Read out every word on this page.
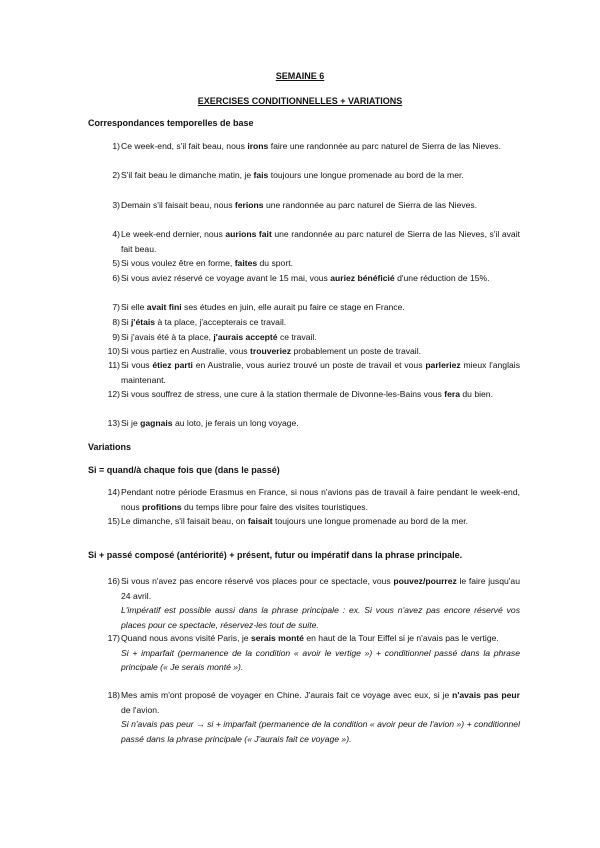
SEMAINE 6
EXERCISES CONDITIONNELLES + VARIATIONS
Correspondances temporelles de base
1) Ce week-end, s'il fait beau, nous irons faire une randonnée au parc naturel de Sierra de las Nieves.
2) S'il fait beau le dimanche matin, je fais toujours une longue promenade au bord de la mer.
3) Demain s'il faisait beau, nous ferions une randonnée au parc naturel de Sierra de las Nieves.
4) Le week-end dernier, nous aurions fait une randonnée au parc naturel de Sierra de las Nieves, s'il avait fait beau.
5) Si vous voulez être en forme, faites du sport.
6) Si vous aviez réservé ce voyage avant le 15 mai, vous auriez bénéficié d'une réduction de 15%.
7) Si elle avait fini ses études en juin, elle aurait pu faire ce stage en France.
8) Si j'étais à ta place, j'accepterais ce travail.
9) Si j'avais été à ta place, j'aurais accepté ce travail.
10) Si vous partiez en Australie, vous trouveriez probablement un poste de travail.
11) Si vous étiez parti en Australie, vous auriez trouvé un poste de travail et vous parleriez mieux l'anglais maintenant.
12) Si vous souffrez de stress, une cure à la station thermale de Divonne-les-Bains vous fera du bien.
13) Si je gagnais au loto, je ferais un long voyage.
Variations
Si = quand/à chaque fois que (dans le passé)
14) Pendant notre période Erasmus en France, si nous n'avions pas de travail à faire pendant le week-end, nous profitions du temps libre pour faire des visites touristiques.
15) Le dimanche, s'il faisait beau, on faisait toujours une longue promenade au bord de la mer.
Si + passé composé (antériorité) + présent, futur ou impératif dans la phrase principale.
16) Si vous n'avez pas encore réservé vos places pour ce spectacle, vous pouvez/pourrez le faire jusqu'au 24 avril.
L'impératif est possible aussi dans la phrase principale : ex. Si vous n'avez pas encore réservé vos places pour ce spectacle, réservez-les tout de suite.
17) Quand nous avons visité Paris, je serais monté en haut de la Tour Eiffel si je n'avais pas le vertige.
Si + imparfait (permanence de la condition « avoir le vertige ») + conditionnel passé dans la phrase principale (« Je serais monté »).
18) Mes amis m'ont proposé de voyager en Chine. J'aurais fait ce voyage avec eux, si je n'avais pas peur de l'avion.
Si n'avais pas peur → si + imparfait (permanence de la condition « avoir peur de l'avion ») + conditionnel passé dans la phrase principale (« J'aurais fait ce voyage »).
